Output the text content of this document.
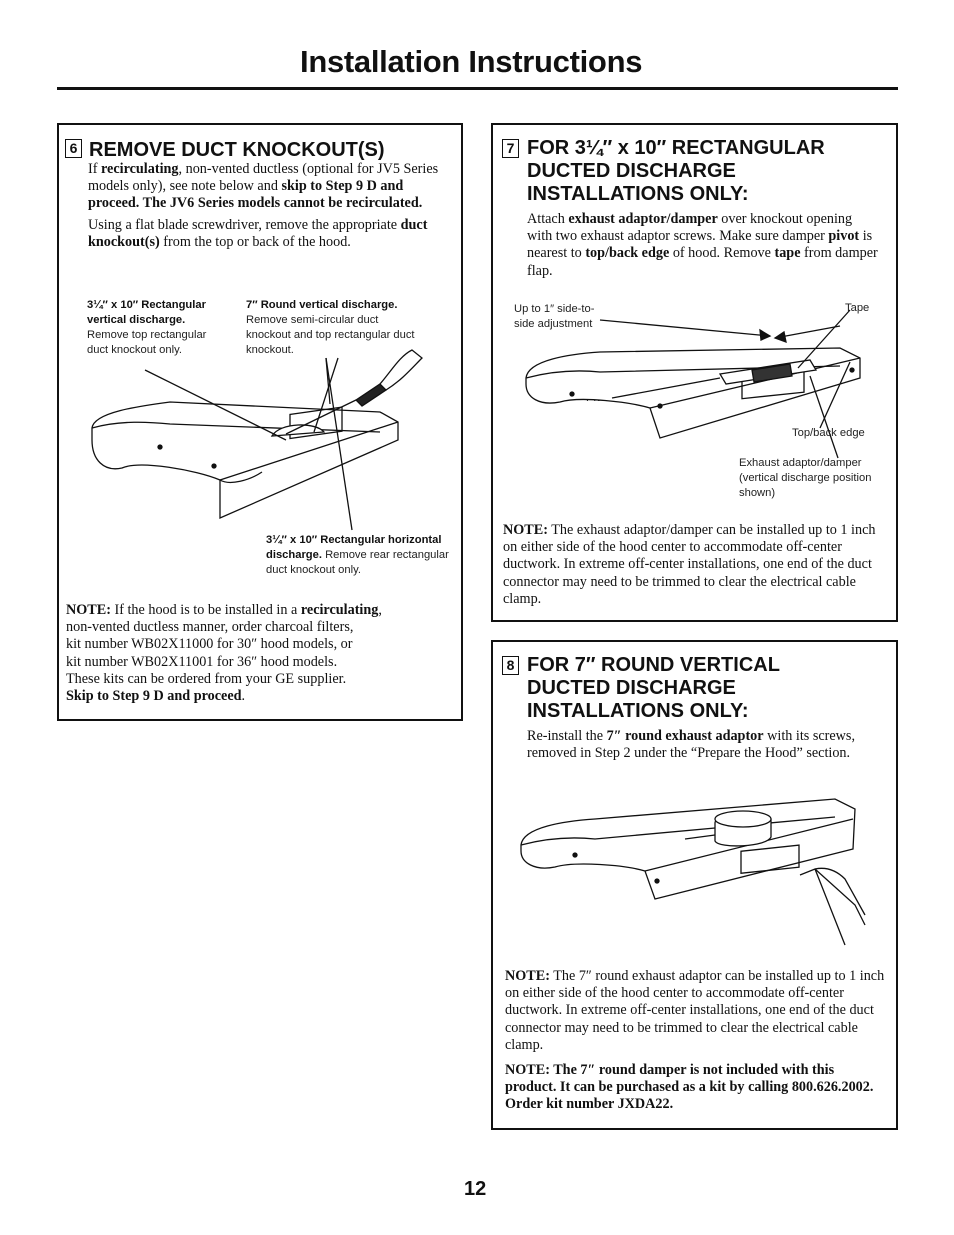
Installation Instructions
6 REMOVE DUCT KNOCKOUT(S)

If recirculating, non-vented ductless (optional for JV5 Series models only), see note below and skip to Step 9 D and proceed. The JV6 Series models cannot be recirculated.

Using a flat blade screwdriver, remove the appropriate duct knockout(s) from the top or back of the hood.

3¼″ x 10″ Rectangular vertical discharge. Remove top rectangular duct knockout only.
7″ Round vertical discharge. Remove semi-circular duct knockout and top rectangular duct knockout.
3¼″ x 10″ Rectangular horizontal discharge. Remove rear rectangular duct knockout only.
NOTE: If the hood is to be installed in a recirculating,
non-vented ductless manner, order charcoal filters,
kit number WB02X11000 for 30″ hood models, or
kit number WB02X11001 for 36″ hood models.
These kits can be ordered from your GE supplier.
Skip to Step 9 D and proceed.
7 FOR 3¼″ x 10″ RECTANGULAR DUCTED DISCHARGE INSTALLATIONS ONLY:

Attach exhaust adaptor/damper over knockout opening with two exhaust adaptor screws. Make sure damper pivot is nearest to top/back edge of hood. Remove tape from damper flap.

Up to 1″ side-to-side adjustment
Tape
Top/back edge
Exhaust adaptor/damper (vertical discharge position shown)

NOTE: The exhaust adaptor/damper can be installed up to 1 inch on either side of the hood center to accommodate off-center ductwork. In extreme off-center installations, one end of the duct connector may need to be trimmed to clear the electrical cable clamp.

8 FOR 7″ ROUND VERTICAL DUCTED DISCHARGE INSTALLATIONS ONLY:

Re-install the 7″ round exhaust adaptor with its screws, removed in Step 2 under the “Prepare the Hood” section.

NOTE: The 7″ round exhaust adaptor can be installed up to 1 inch on either side of the hood center to accommodate off-center ductwork. In extreme off-center installations, one end of the duct connector may need to be trimmed to clear the electrical cable clamp.

NOTE: The 7″ round damper is not included with this product. It can be purchased as a kit by calling 800.626.2002. Order kit number JXDA22.

12
